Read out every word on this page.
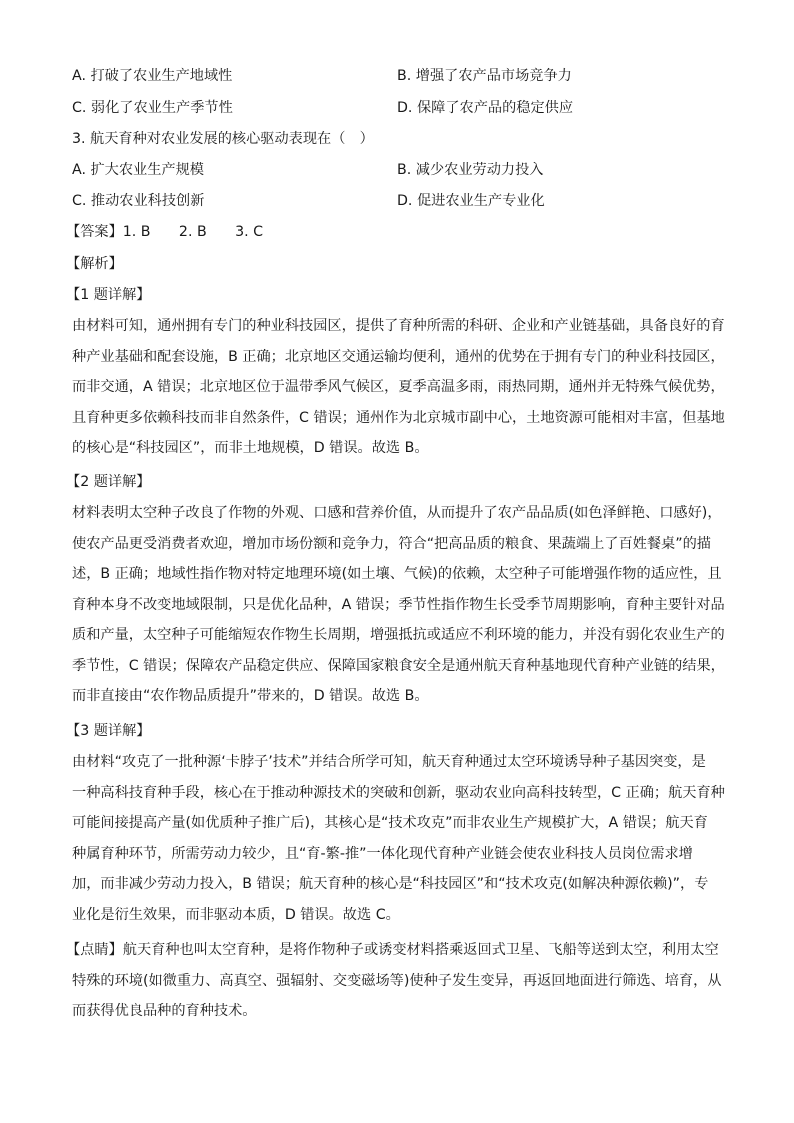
A. 打破了农业生产地域性	B. 增强了农产品市场竞争力
C. 弱化了农业生产季节性	D. 保障了农产品的稳定供应
3. 航天育种对农业发展的核心驱动表现在（　）
A. 扩大农业生产规模	B. 减少农业劳动力投入
C. 推动农业科技创新	D. 促进农业生产专业化
【答案】1. B　　2. B　　3. C
【解析】
【1 题详解】
由材料可知，通州拥有专门的种业科技园区，提供了育种所需的科研、企业和产业链基础，具备良好的育
种产业基础和配套设施，B 正确；北京地区交通运输均便利，通州的优势在于拥有专门的种业科技园区，
而非交通，A 错误；北京地区位于温带季风气候区，夏季高温多雨，雨热同期，通州并无特殊气候优势，
且育种更多依赖科技而非自然条件，C 错误；通州作为北京城市副中心，土地资源可能相对丰富，但基地
的核心是“科技园区”，而非土地规模，D 错误。故选 B。
【2 题详解】
材料表明太空种子改良了作物的外观、口感和营养价值，从而提升了农产品品质(如色泽鲜艳、口感好)，
使农产品更受消费者欢迎，增加市场份额和竞争力，符合“把高品质的粮食、果蔬端上了百姓餐桌”的描
述，B 正确；地域性指作物对特定地理环境(如土壤、气候)的依赖，太空种子可能增强作物的适应性，且
育种本身不改变地域限制，只是优化品种，A 错误；季节性指作物生长受季节周期影响，育种主要针对品
质和产量，太空种子可能缩短农作物生长周期，增强抵抗或适应不利环境的能力，并没有弱化农业生产的
季节性，C 错误；保障农产品稳定供应、保障国家粮食安全是通州航天育种基地现代育种产业链的结果，
而非直接由“农作物品质提升”带来的，D 错误。故选 B。
【3 题详解】
由材料“攻克了一批种源‘卡脖子’技术”并结合所学可知，航天育种通过太空环境诱导种子基因突变，是
一种高科技育种手段，核心在于推动种源技术的突破和创新，驱动农业向高科技转型，C 正确；航天育种
可能间接提高产量(如优质种子推广后)，其核心是“技术攻克”而非农业生产规模扩大，A 错误；航天育
种属育种环节，所需劳动力较少，且“育-繁-推”一体化现代育种产业链会使农业科技人员岗位需求增
加，而非减少劳动力投入，B 错误；航天育种的核心是“科技园区”和“技术攻克(如解决种源依赖)”，专
业化是衍生效果，而非驱动本质，D 错误。故选 C。
【点睛】航天育种也叫太空育种，是将作物种子或诱变材料搭乘返回式卫星、飞船等送到太空，利用太空
特殊的环境(如微重力、高真空、强辐射、交变磁场等)使种子发生变异，再返回地面进行筛选、培育，从
而获得优良品种的育种技术。
